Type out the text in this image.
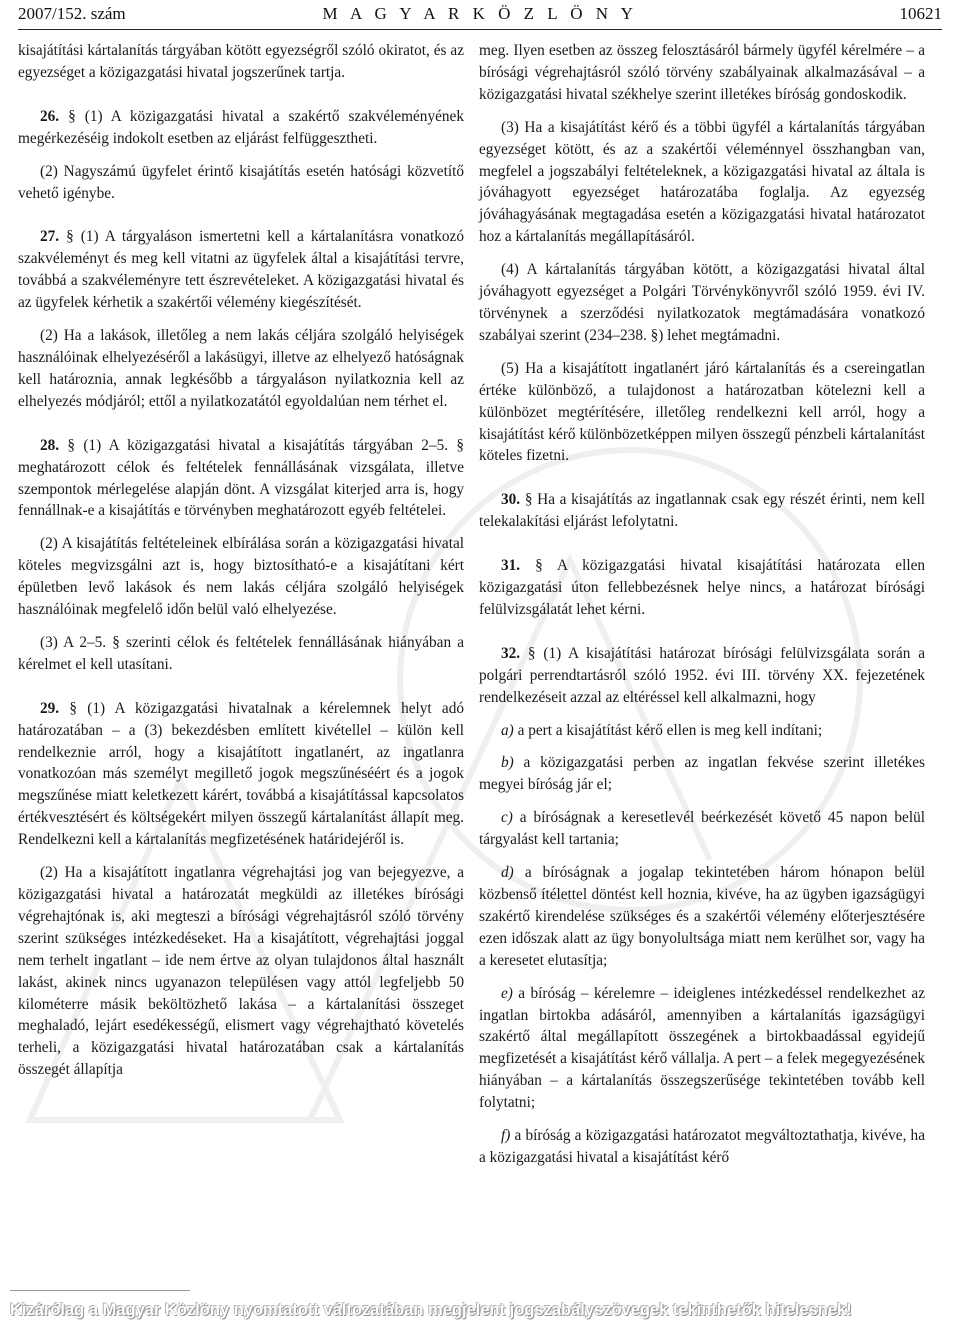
2007/152. szám	M A G Y A R K Ö Z L Ö N Y	10621

kisajátítási kártalanítás tárgyában kötött egyezségről szóló okiratot, és az egyezséget a közigazgatási hivatal jogszerűnek tartja.

26. § (1) A közigazgatási hivatal a szakértő szakvéleményének megérkezéséig indokolt esetben az eljárást felfüggesztheti.

(2) Nagyszámú ügyfelet érintő kisajátítás esetén hatósági közvetítő vehető igénybe.

27. § (1) A tárgyaláson ismertetni kell a kártalanításra vonatkozó szakvéleményt és meg kell vitatni az ügyfelek által a kisajátítási tervre, továbbá a szakvéleményre tett észrevételeket. A közigazgatási hivatal és az ügyfelek kérhetik a szakértői vélemény kiegészítését.

(2) Ha a lakások, illetőleg a nem lakás céljára szolgáló helyiségek használóinak elhelyezéséről a lakásügyi, illetve az elhelyező hatóságnak kell határoznia, annak legkésőbb a tárgyaláson nyilatkoznia kell az elhelyezés módjáról; ettől a nyilatkozatától egyoldalúan nem térhet el.

28. § (1) A közigazgatási hivatal a kisajátítás tárgyában 2–5. § meghatározott célok és feltételek fennállásának vizsgálata, illetve szempontok mérlegelése alapján dönt. A vizsgálat kiterjed arra is, hogy fennállnak-e a kisajátítás e törvényben meghatározott egyéb feltételei.

(2) A kisajátítás feltételeinek elbírálása során a közigazgatási hivatal köteles megvizsgálni azt is, hogy biztosítható-e a kisajátítani kért épületben levő lakások és nem lakás céljára szolgáló helyiségek használóinak megfelelő időn belül való elhelyezése.

(3) A 2–5. § szerinti célok és feltételek fennállásának hiányában a kérelmet el kell utasítani.

29. § (1) A közigazgatási hivatalnak a kérelemnek helyt adó határozatában – a (3) bekezdésben említett kivétellel – külön kell rendelkeznie arról, hogy a kisajátított ingatlanért, az ingatlanra vonatkozóan más személyt megillető jogok megszűnéséért és a jogok megszűnése miatt keletkezett kárért, továbbá a kisajátítással kapcsolatos értékvesztésért és költségekért milyen összegű kártalanítást állapít meg. Rendelkezni kell a kártalanítás megfizetésének határidejéről is.

(2) Ha a kisajátított ingatlanra végrehajtási jog van bejegyezve, a közigazgatási hivatal a határozatát megküldi az illetékes bírósági végrehajtónak is, aki megteszi a bírósági végrehajtásról szóló törvény szerint szükséges intézkedéseket. Ha a kisajátított, végrehajtási joggal nem terhelt ingatlant – ide nem értve az olyan tulajdonos által használt lakást, akinek nincs ugyanazon településen vagy attól legfeljebb 50 kilométerre másik beköltözhető lakása – a kártalanítási összeget meghaladó, lejárt esedékességű, elismert vagy végrehajtható követelés terheli, a közigazgatási hivatal határozatában csak a kártalanítás összegét állapítja

meg. Ilyen esetben az összeg felosztásáról bármely ügyfél kérelmére – a bírósági végrehajtásról szóló törvény szabályainak alkalmazásával – a közigazgatási hivatal székhelye szerint illetékes bíróság gondoskodik.

(3) Ha a kisajátítást kérő és a többi ügyfél a kártalanítás tárgyában egyezséget kötött, és az a szakértői véleménnyel összhangban van, megfelel a jogszabályi feltételeknek, a közigazgatási hivatal az általa is jóváhagyott egyezséget határozatába foglalja. Az egyezség jóváhagyásának megtagadása esetén a közigazgatási hivatal határozatot hoz a kártalanítás megállapításáról.

(4) A kártalanítás tárgyában kötött, a közigazgatási hivatal által jóváhagyott egyezséget a Polgári Törvénykönyvről szóló 1959. évi IV. törvénynek a szerződési nyilatkozatok megtámadására vonatkozó szabályai szerint (234–238. §) lehet megtámadni.

(5) Ha a kisajátított ingatlanért járó kártalanítás és a csereingatlan értéke különböző, a tulajdonost a határozatban kötelezni kell a különbözet megtérítésére, illetőleg rendelkezni kell arról, hogy a kisajátítást kérő különbözetképpen milyen összegű pénzbeli kártalanítást köteles fizetni.

30. § Ha a kisajátítás az ingatlannak csak egy részét érinti, nem kell telekalakítási eljárást lefolytatni.

31. § A közigazgatási hivatal kisajátítási határozata ellen közigazgatási úton fellebbezésnek helye nincs, a határozat bírósági felülvizsgálatát lehet kérni.

32. § (1) A kisajátítási határozat bírósági felülvizsgálata során a polgári perrendtartásról szóló 1952. évi III. törvény XX. fejezetének rendelkezéseit azzal az eltéréssel kell alkalmazni, hogy

a) a pert a kisajátítást kérő ellen is meg kell indítani;

b) a közigazgatási perben az ingatlan fekvése szerint illetékes megyei bíróság jár el;

c) a bíróságnak a keresetlevél beérkezését követő 45 napon belül tárgyalást kell tartania;

d) a bíróságnak a jogalap tekintetében három hónapon belül közbenső ítélettel döntést kell hoznia, kivéve, ha az ügyben igazságügyi szakértő kirendelése szükséges és a szakértői vélemény előterjesztésére ezen időszak alatt az ügy bonyolultsága miatt nem kerülhet sor, vagy ha a keresetet elutasítja;

e) a bíróság – kérelemre – ideiglenes intézkedéssel rendelkezhet az ingatlan birtokba adásáról, amennyiben a kártalanítás igazságügyi szakértő által megállapított összegének a birtokbaadással egyidejű megfizetését a kisajátítást kérő vállalja. A pert – a felek megegyezésének hiányában – a kártalanítás összegszerűsége tekintetében tovább kell folytatni;

f) a bíróság a közigazgatási határozatot megváltoztathatja, kivéve, ha a közigazgatási hivatal a kisajátítást kérő

Kizárólag a Magyar Közlöny nyomtatott változatában megjelent jogszabályszövegek tekinthetők hitelesnek!
